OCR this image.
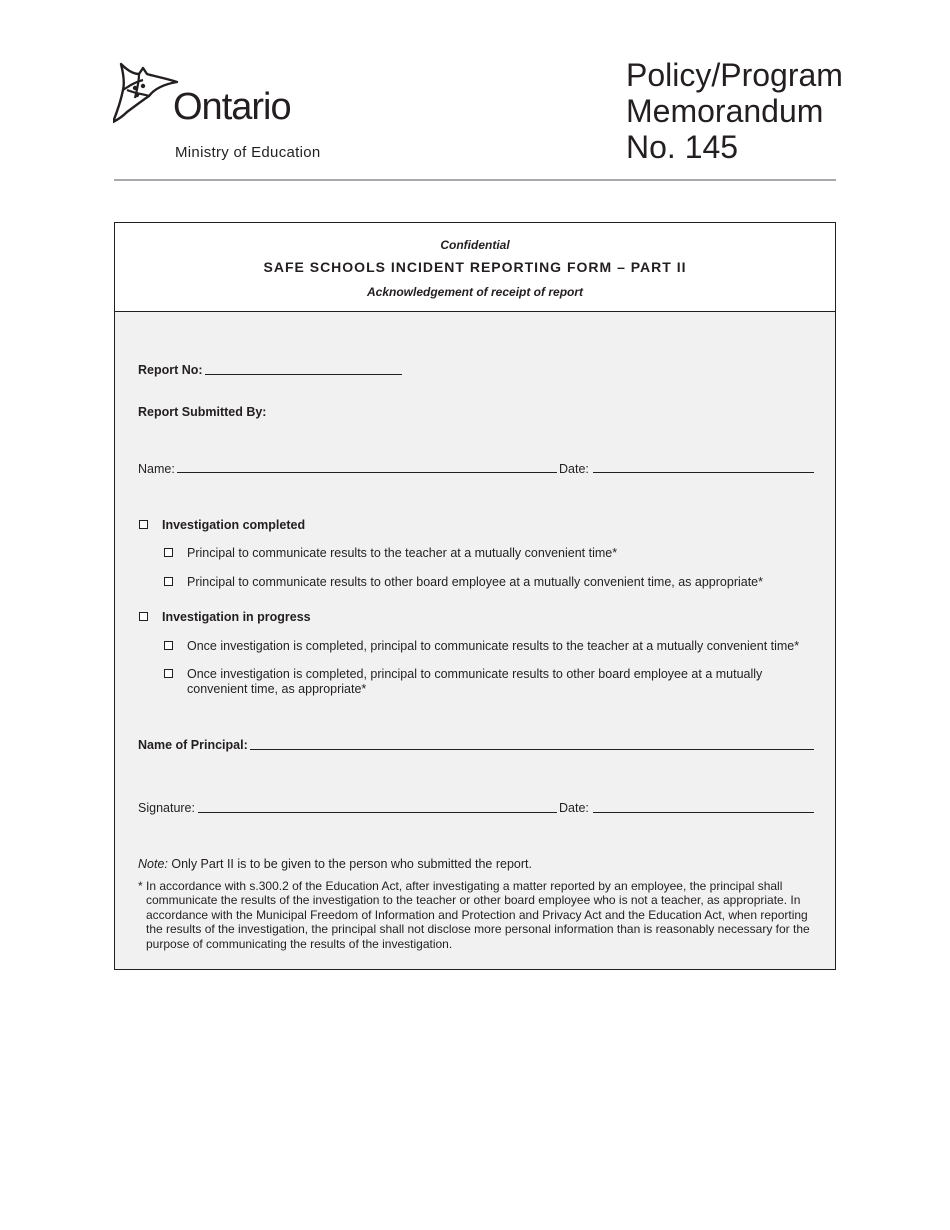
Ontario
Ministry of Education
Policy/Program
Memorandum
No. 145
Confidential
SAFE SCHOOLS INCIDENT REPORTING FORM – PART II
Acknowledgement of receipt of report
Report No:
Report Submitted By:
Name:	Date:
Investigation completed
Principal to communicate results to the teacher at a mutually convenient time*
Principal to communicate results to other board employee at a mutually convenient time, as appropriate*
Investigation in progress
Once investigation is completed, principal to communicate results to the teacher at a mutually convenient time*
Once investigation is completed, principal to communicate results to other board employee at a mutually convenient time, as appropriate*
Name of Principal:
Signature:	Date:
Note: Only Part II is to be given to the person who submitted the report.
* In accordance with s.300.2 of the Education Act, after investigating a matter reported by an employee, the principal shall communicate the results of the investigation to the teacher or other board employee who is not a teacher, as appropriate. In accordance with the Municipal Freedom of Information and Protection and Privacy Act and the Education Act, when reporting the results of the investigation, the principal shall not disclose more personal information than is reasonably necessary for the purpose of communicating the results of the investigation.
